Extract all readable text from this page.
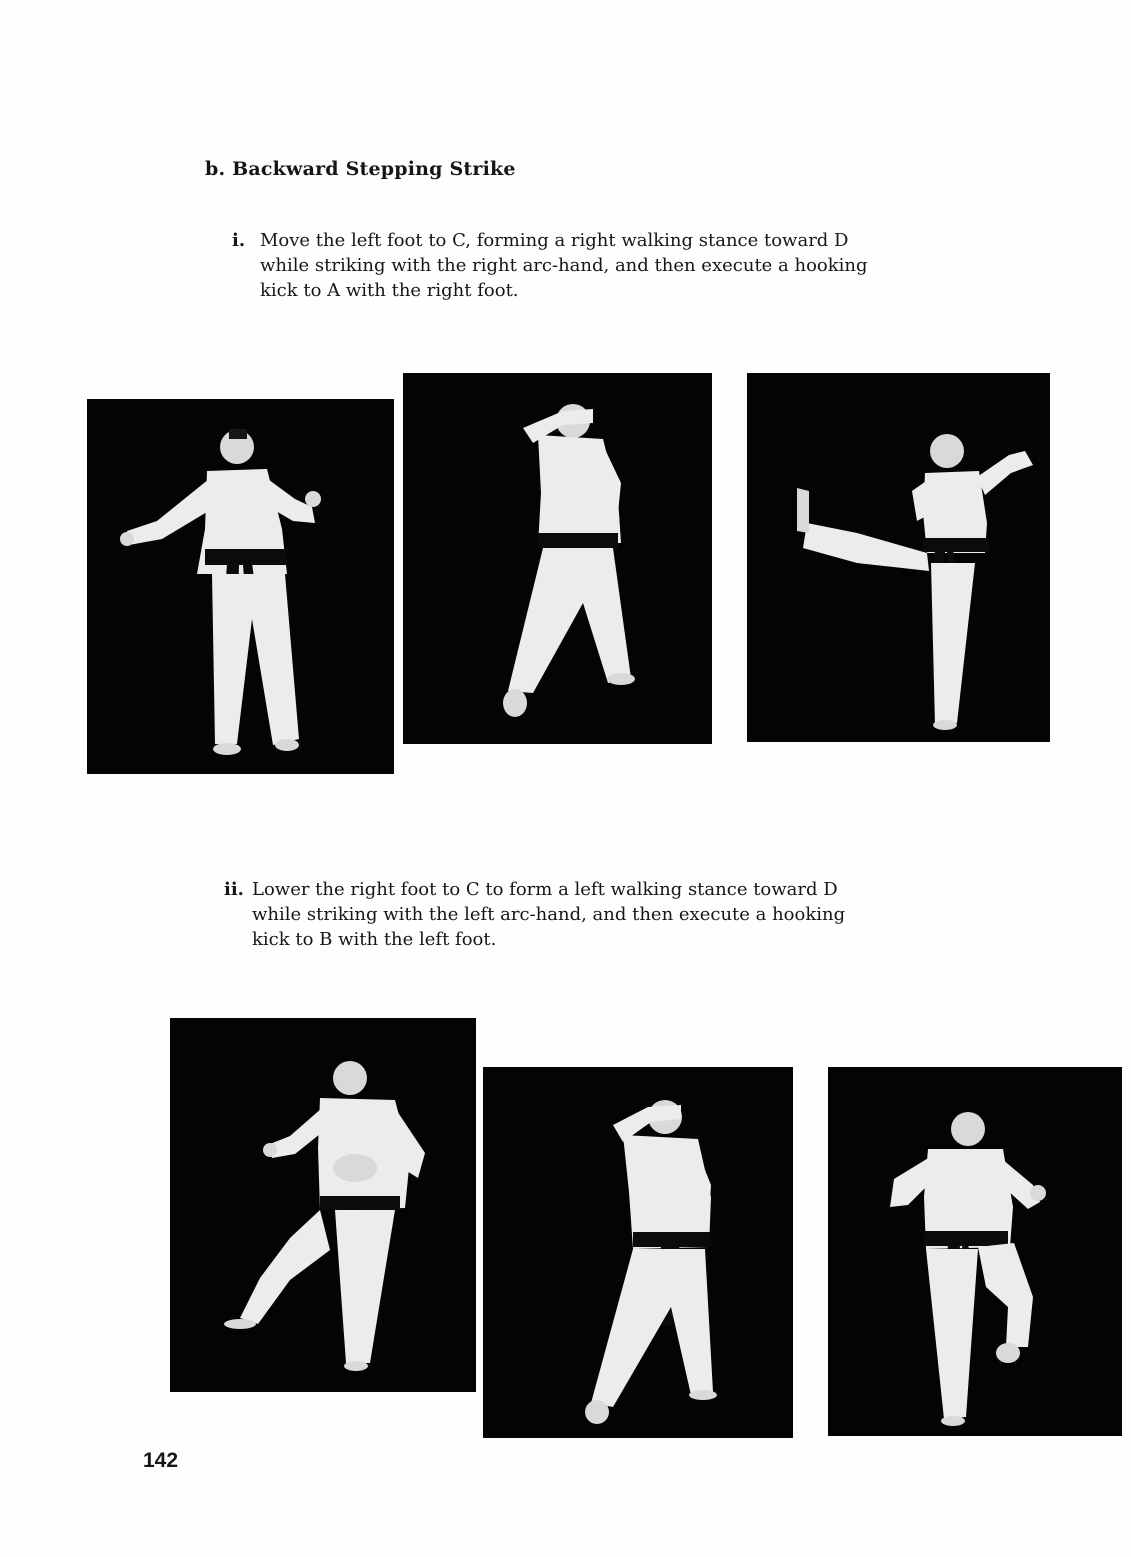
b. Backward Stepping Strike
i. Move the left foot to C, forming a right walking stance toward D
while striking with the right arc-hand, and then execute a hooking
kick to A with the right foot.
ii. Lower the right foot to C to form a left walking stance toward D
while striking with the left arc-hand, and then execute a hooking
kick to B with the left foot.
142
